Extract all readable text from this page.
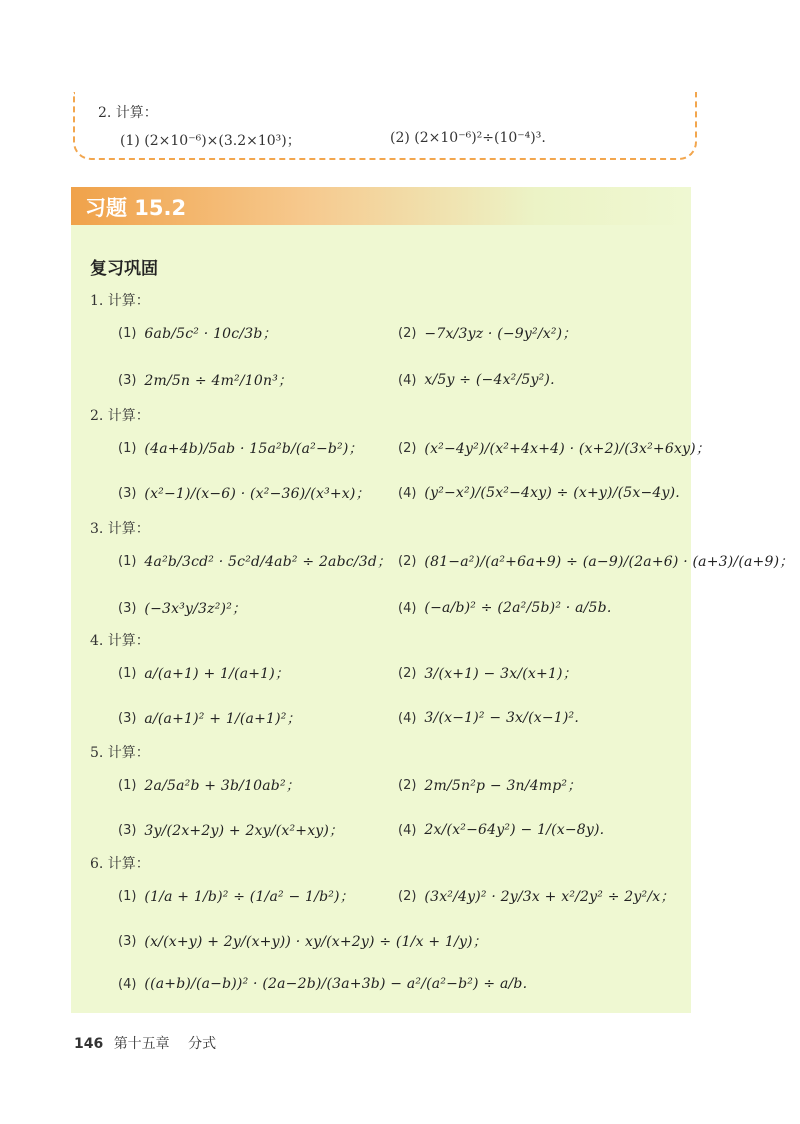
2. 计算：
(1) (2×10⁻⁶)×(3.2×10³)；	(2) (2×10⁻⁶)²÷(10⁻⁴)³.
习题 15.2
复习巩固
1. 计算：
(1) 6ab/5c² · 10c/3b；	(2) −7x/3yz · (−9y²/x²)；
(3) 2m/5n ÷ 4m²/10n³；	(4) x/5y ÷ (−4x²/5y²).
2. 计算：
(1) (4a+4b)/5ab · 15a²b/(a²−b²)；	(2) (x²−4y²)/(x²+4x+4) · (x+2)/(3x²+6xy)；
(3) (x²−1)/(x−6) · (x²−36)/(x³+x)； (4) (y²−x²)/(5x²−4xy) ÷ (x+y)/(5x−4y).
3. 计算：
(1) 4a²b/3cd² · 5c²d/4ab² ÷ 2abc/3d； (2) (81−a²)/(a²+6a+9) ÷ (a−9)/(2a+6) · (a+3)/(a+9)；
(3) (−3x³y/3z²)²；	(4) (−a/b)² ÷ (2a²/5b)² · a/5b.
4. 计算：
(1) a/(a+1) + 1/(a+1)；	(2) 3/(x+1) − 3x/(x+1)；
(3) a/(a+1)² + 1/(a+1)²；	(4) 3/(x−1)² − 3x/(x−1)².
5. 计算：
(1) 2a/5a²b + 3b/10ab²；	(2) 2m/5n²p − 3n/4mp²；
(3) 3y/(2x+2y) + 2xy/(x²+xy)；	(4) 2x/(x²−64y²) − 1/(x−8y).
6. 计算：
(1) (1/a + 1/b)² ÷ (1/a² − 1/b²)；	(2) (3x²/4y)² · 2y/3x + x²/2y² ÷ 2y²/x；
(3) (x/(x+y) + 2y/(x+y)) · xy/(x+2y) ÷ (1/x + 1/y)；
(4) ((a+b)/(a−b))² · (2a−2b)/(3a+3b) − a²/(a²−b²) ÷ a/b.
146 第十五章 分式
